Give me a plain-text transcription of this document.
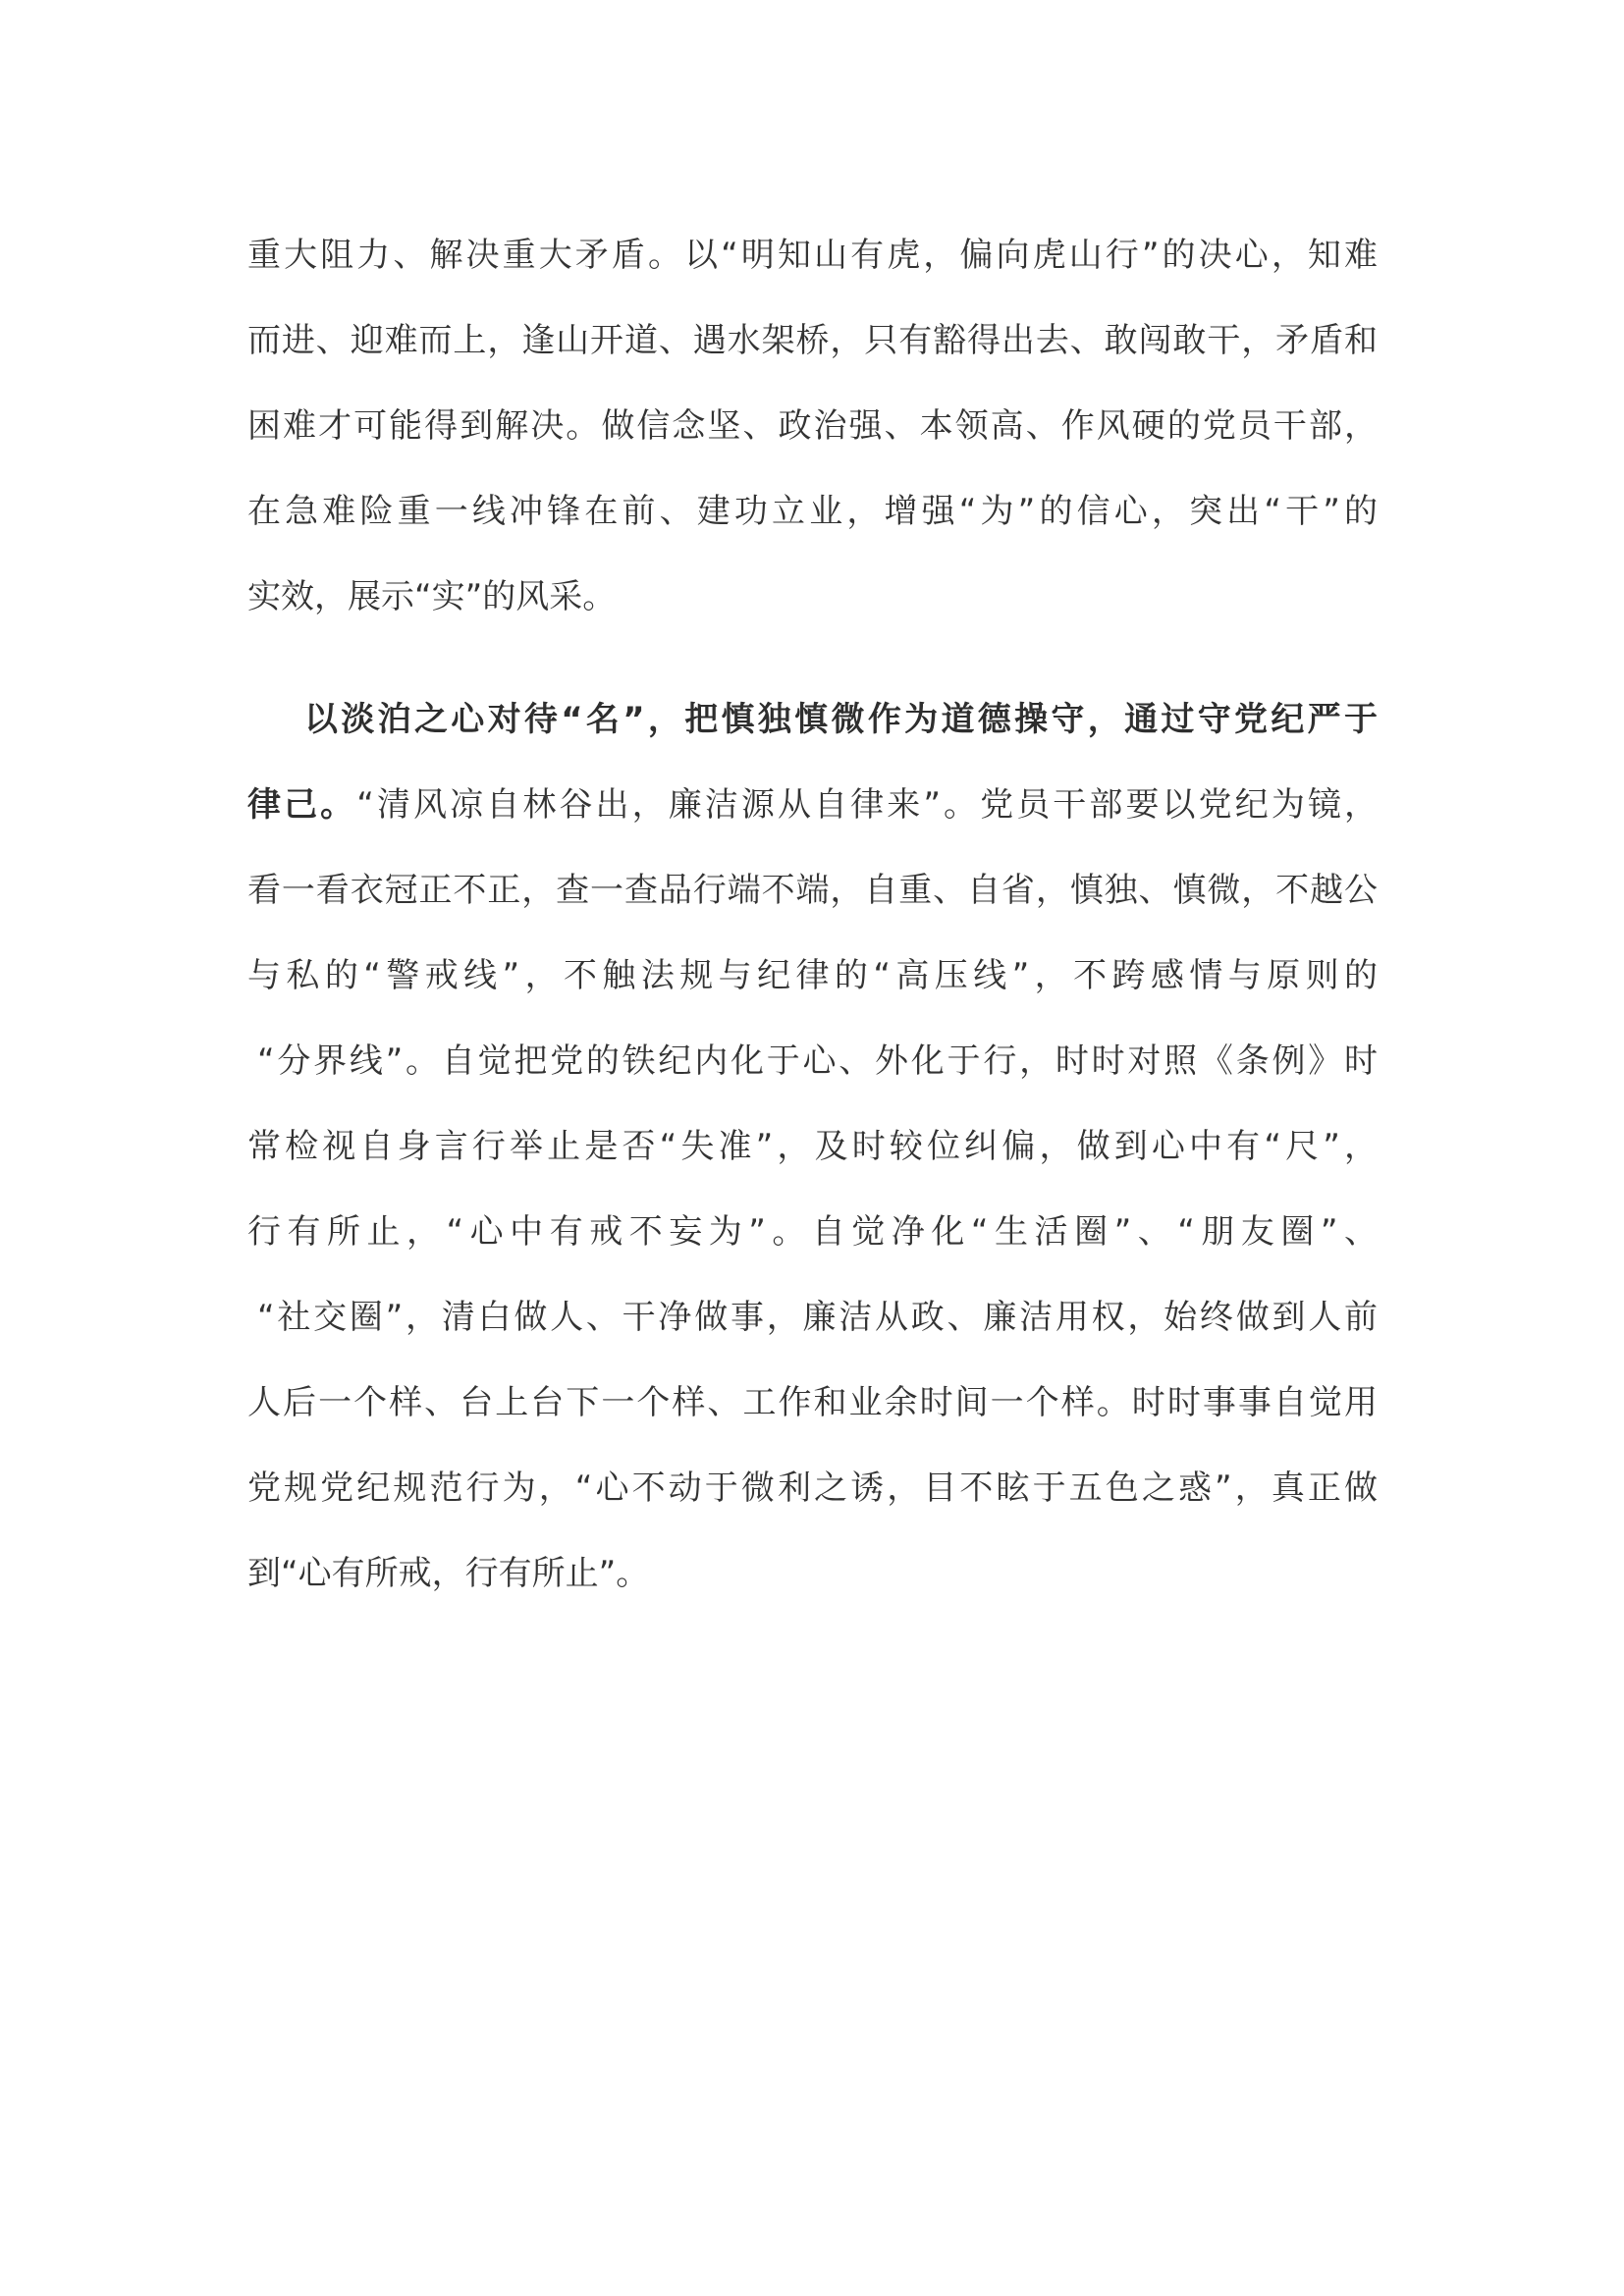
重大阻力、解决重大矛盾。以“明知山有虎，偏向虎山行”的决心，知难
而进、迎难而上，逢山开道、遇水架桥，只有豁得出去、敢闯敢干，矛盾和
困难才可能得到解决。做信念坚、政治强、本领高、作风硬的党员干部，
在急难险重一线冲锋在前、建功立业，增强“为”的信心，突出“干”的
实效，展示“实”的风采。
以淡泊之心对待“名”，把慎独慎微作为道德操守，通过守党纪严于
律己。“清风凉自林谷出，廉洁源从自律来”。党员干部要以党纪为镜，
看一看衣冠正不正，查一查品行端不端，自重、自省，慎独、慎微，不越公
与私的“警戒线”，不触法规与纪律的“高压线”，不跨感情与原则的
“分界线”。自觉把党的铁纪内化于心、外化于行，时时对照《条例》时
常检视自身言行举止是否“失准”，及时较位纠偏，做到心中有“尺”，
行有所止，“心中有戒不妄为”。自觉净化“生活圈”、“朋友圈”、
“社交圈”，清白做人、干净做事，廉洁从政、廉洁用权，始终做到人前
人后一个样、台上台下一个样、工作和业余时间一个样。时时事事自觉用
党规党纪规范行为，“心不动于微利之诱，目不眩于五色之惑”，真正做
到“心有所戒，行有所止”。
